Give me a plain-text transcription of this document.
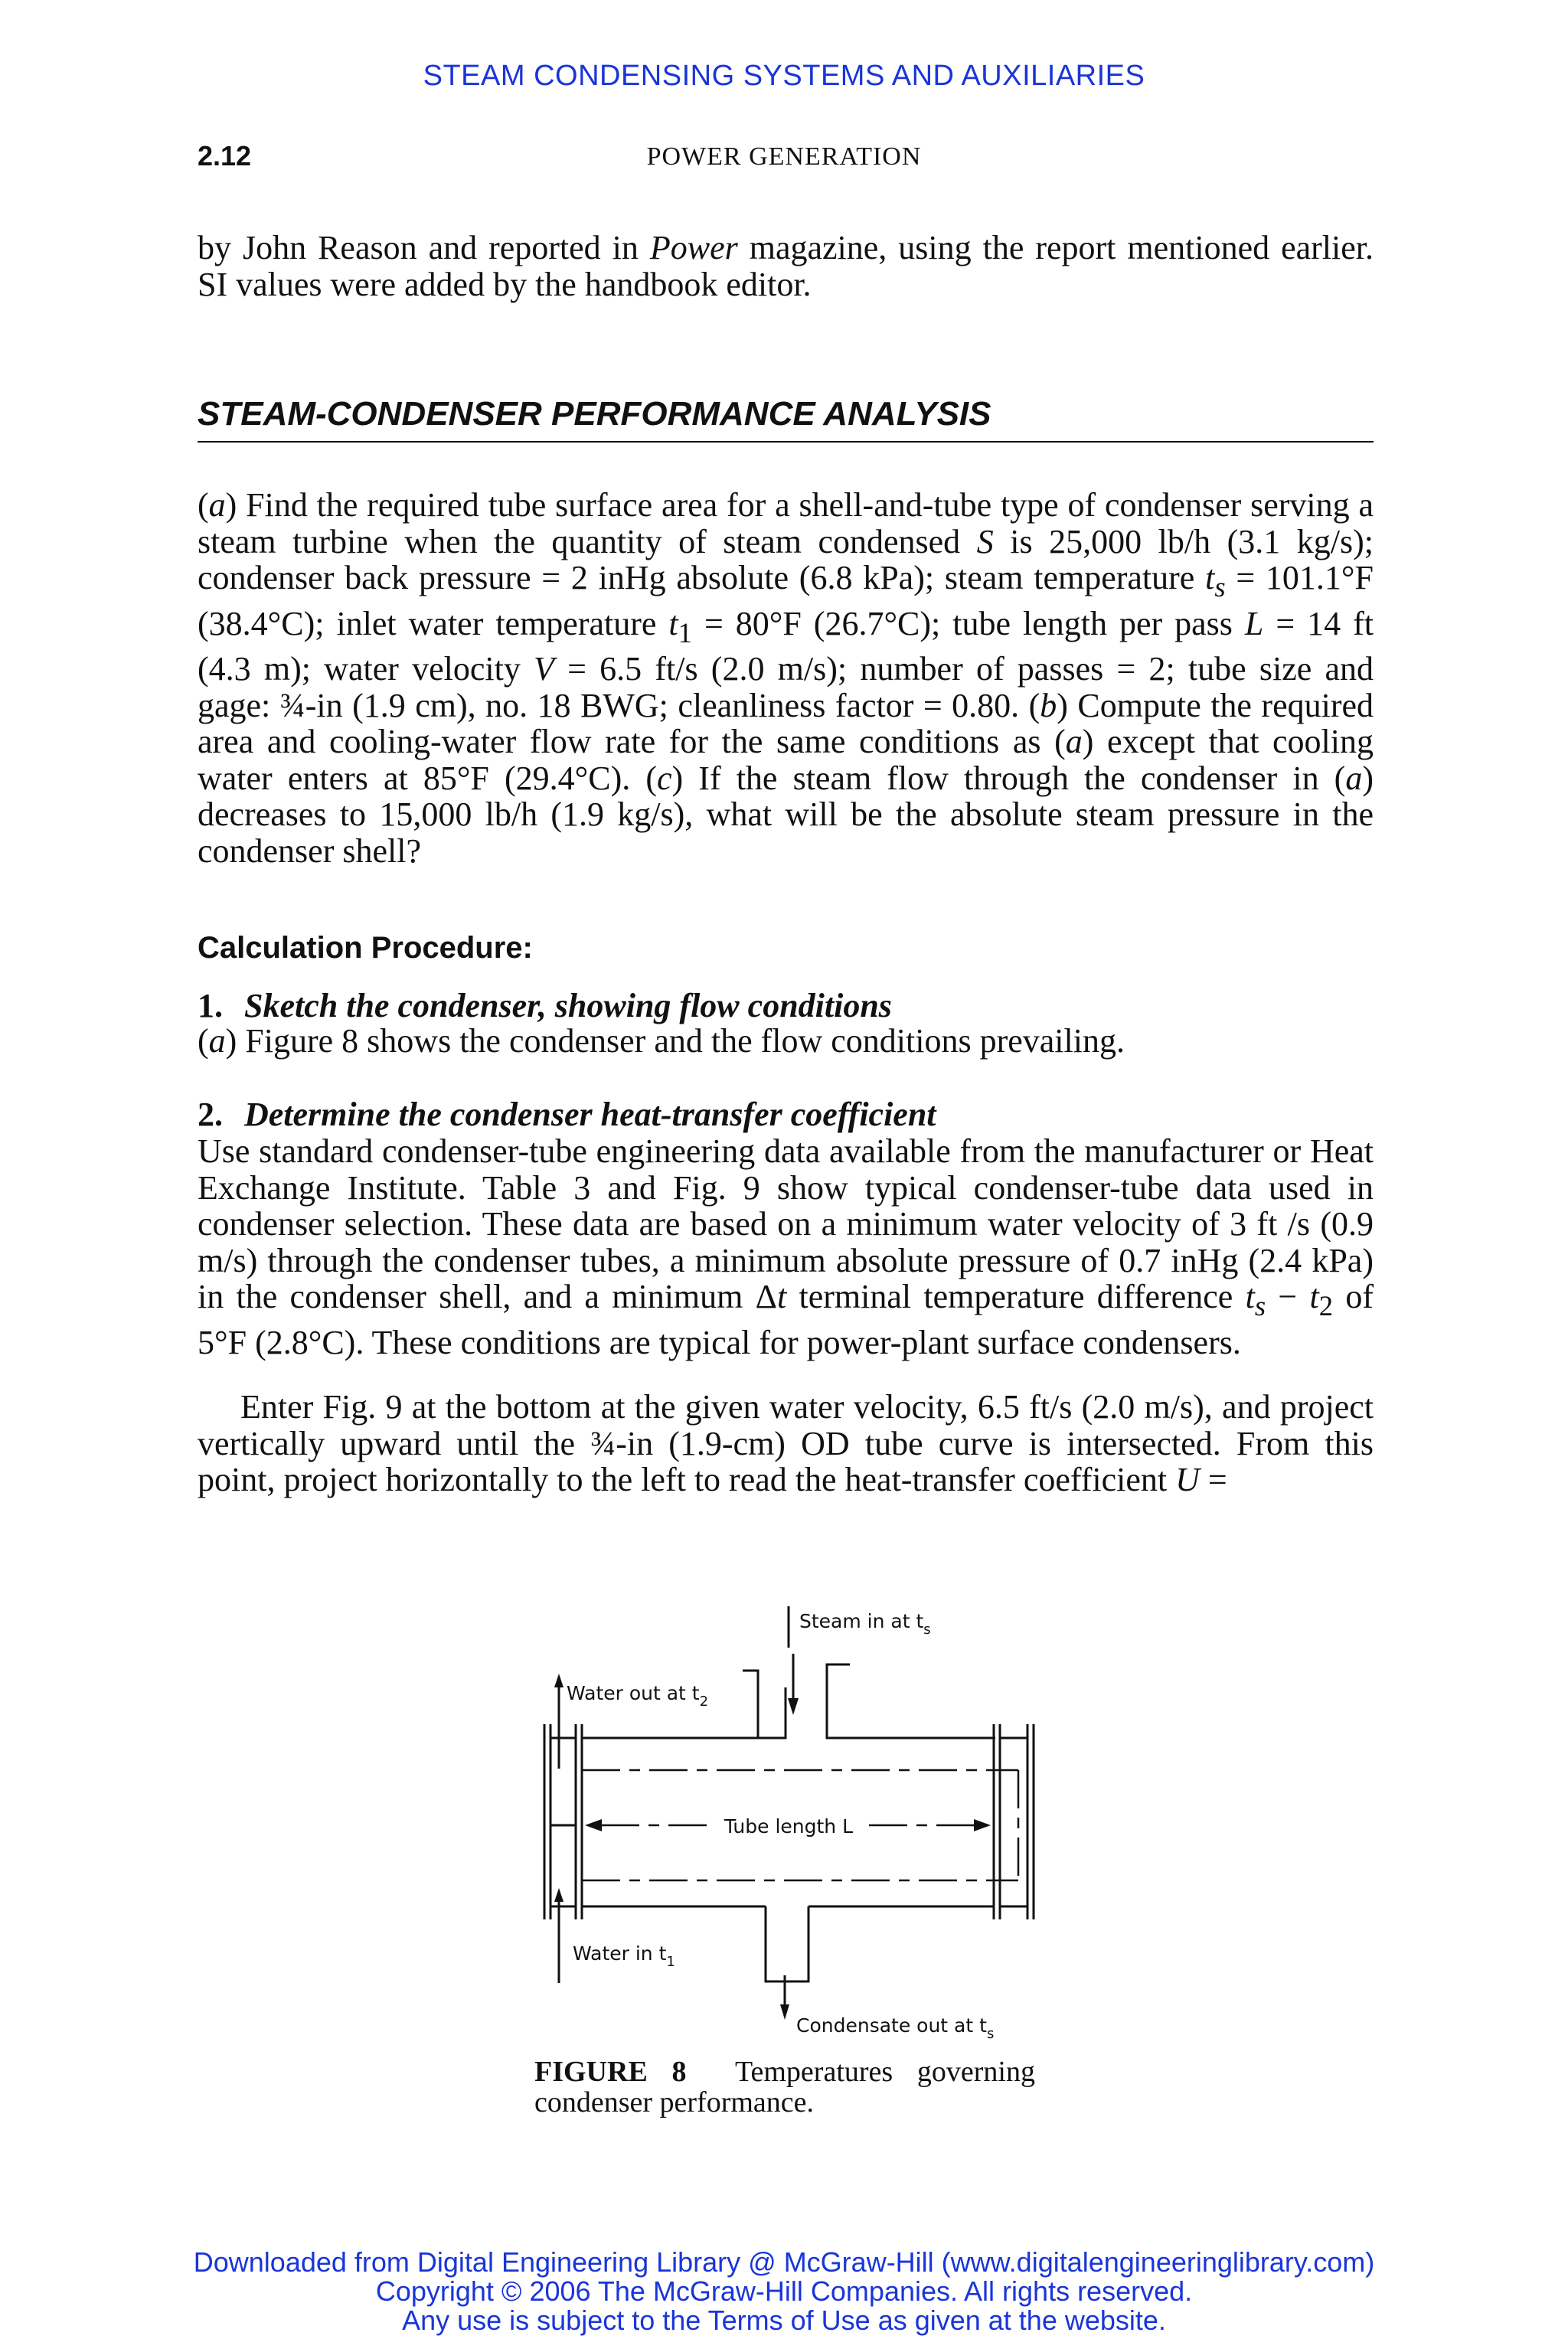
STEAM CONDENSING SYSTEMS AND AUXILIARIES
2.12	POWER GENERATION

by John Reason and reported in Power magazine, using the report mentioned earlier. SI values were added by the handbook editor.

STEAM-CONDENSER PERFORMANCE ANALYSIS

(a) Find the required tube surface area for a shell-and-tube type of condenser serving a steam turbine when the quantity of steam condensed S is 25,000 lb/h (3.1 kg/s); condenser back pressure = 2 inHg absolute (6.8 kPa); steam temperature $t_s = 101.1^\circ F$ (38.4°C); inlet water temperature $t_1 = 80^\circ F$ (26.7°C); tube length per pass L = 14 ft (4.3 m); water velocity V = 6.5 ft/s (2.0 m/s); number of passes = 2; tube size and gage: ¾-in (1.9 cm), no. 18 BWG; cleanliness factor = 0.80. (b) Compute the required area and cooling-water flow rate for the same conditions as (a) except that cooling water enters at 85°F (29.4°C). (c) If the steam flow through the condenser in (a) decreases to 15,000 lb/h (1.9 kg/s), what will be the absolute steam pressure in the condenser shell?

Calculation Procedure:
1. Sketch the condenser, showing flow conditions

(a) Figure 8 shows the condenser and the flow conditions prevailing.

2. Determine the condenser heat-transfer coefficient

Use standard condenser-tube engineering data available from the manufacturer or Heat Exchange Institute. Table 3 and Fig. 9 show typical condenser-tube data used in condenser selection. These data are based on a minimum water velocity of 3 ft /s (0.9 m/s) through the condenser tubes, a minimum absolute pressure of 0.7 inHg (2.4 kPa) in the condenser shell, and a minimum Δt terminal temperature difference $t_s - t_2$ of 5°F (2.8°C). These conditions are typical for power-plant surface condensers.

Enter Fig. 9 at the bottom at the given water velocity, 6.5 ft/s (2.0 m/s), and project vertically upward until the ¾-in (1.9-cm) OD tube curve is intersected. From this point, project horizontally to the left to read the heat-transfer coefficient U =

Steam in at $t_s$
Water out at $t_2$
Tube length L
Water in $t_1$
Condensate out at $t_s$

FIGURE 8 Temperatures governing
condenser performance.

Downloaded from Digital Engineering Library @ McGraw-Hill (www.digitalengineeringlibrary.com)
Copyright © 2006 The McGraw-Hill Companies. All rights reserved.
Any use is subject to the Terms of Use as given at the website.
